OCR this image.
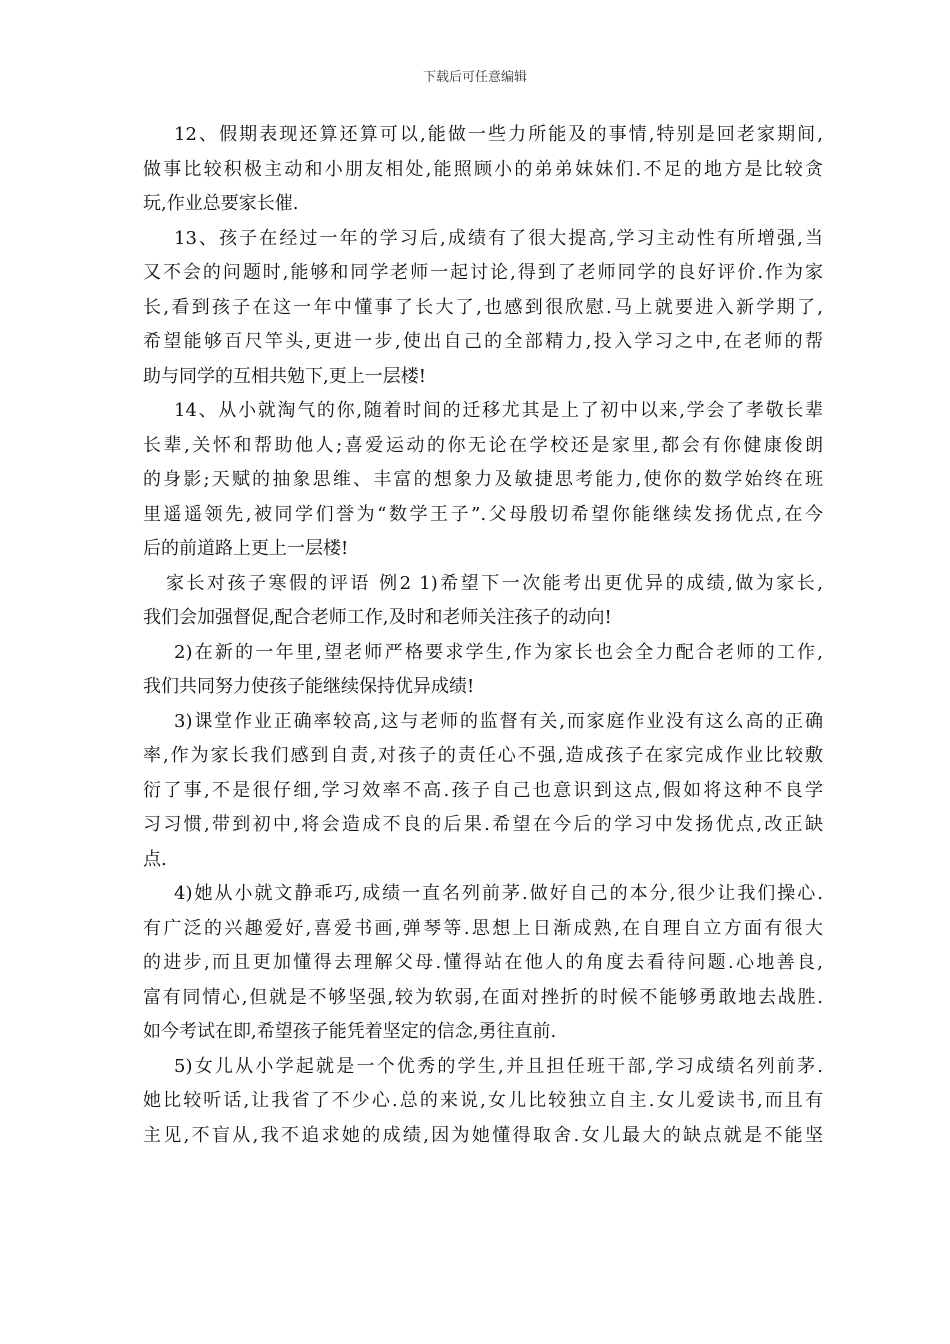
下载后可任意编辑
12、假期表现还算还算可以,能做一些力所能及的事情,特别是回老家期间,
做事比较积极主动和小朋友相处,能照顾小的弟弟妹妹们.不足的地方是比较贪
玩,作业总要家长催.
13、孩子在经过一年的学习后,成绩有了很大提高,学习主动性有所增强,当
又不会的问题时,能够和同学老师一起讨论,得到了老师同学的良好评价.作为家
长,看到孩子在这一年中懂事了长大了,也感到很欣慰.马上就要进入新学期了,
希望能够百尺竿头,更进一步,使出自己的全部精力,投入学习之中,在老师的帮
助与同学的互相共勉下,更上一层楼!
14、从小就淘气的你,随着时间的迁移尤其是上了初中以来,学会了孝敬长辈
长辈,关怀和帮助他人;喜爱运动的你无论在学校还是家里,都会有你健康俊朗
的身影;天赋的抽象思维、丰富的想象力及敏捷思考能力,使你的数学始终在班
里遥遥领先,被同学们誉为“数学王子”.父母殷切希望你能继续发扬优点,在今
后的前道路上更上一层楼!
家长对孩子寒假的评语 例2 1)希望下一次能考出更优异的成绩,做为家长,
我们会加强督促,配合老师工作,及时和老师关注孩子的动向!
2)在新的一年里,望老师严格要求学生,作为家长也会全力配合老师的工作,
我们共同努力使孩子能继续保持优异成绩!
3)课堂作业正确率较高,这与老师的监督有关,而家庭作业没有这么高的正确
率,作为家长我们感到自责,对孩子的责任心不强,造成孩子在家完成作业比较敷
衍了事,不是很仔细,学习效率不高.孩子自己也意识到这点,假如将这种不良学
习习惯,带到初中,将会造成不良的后果.希望在今后的学习中发扬优点,改正缺
点.
4)她从小就文静乖巧,成绩一直名列前茅.做好自己的本分,很少让我们操心.
有广泛的兴趣爱好,喜爱书画,弹琴等.思想上日渐成熟,在自理自立方面有很大
的进步,而且更加懂得去理解父母.懂得站在他人的角度去看待问题.心地善良,
富有同情心,但就是不够坚强,较为软弱,在面对挫折的时候不能够勇敢地去战胜.
如今考试在即,希望孩子能凭着坚定的信念,勇往直前.
5)女儿从小学起就是一个优秀的学生,并且担任班干部,学习成绩名列前茅.
她比较听话,让我省了不少心.总的来说,女儿比较独立自主.女儿爱读书,而且有
主见,不盲从,我不追求她的成绩,因为她懂得取舍.女儿最大的缺点就是不能坚
